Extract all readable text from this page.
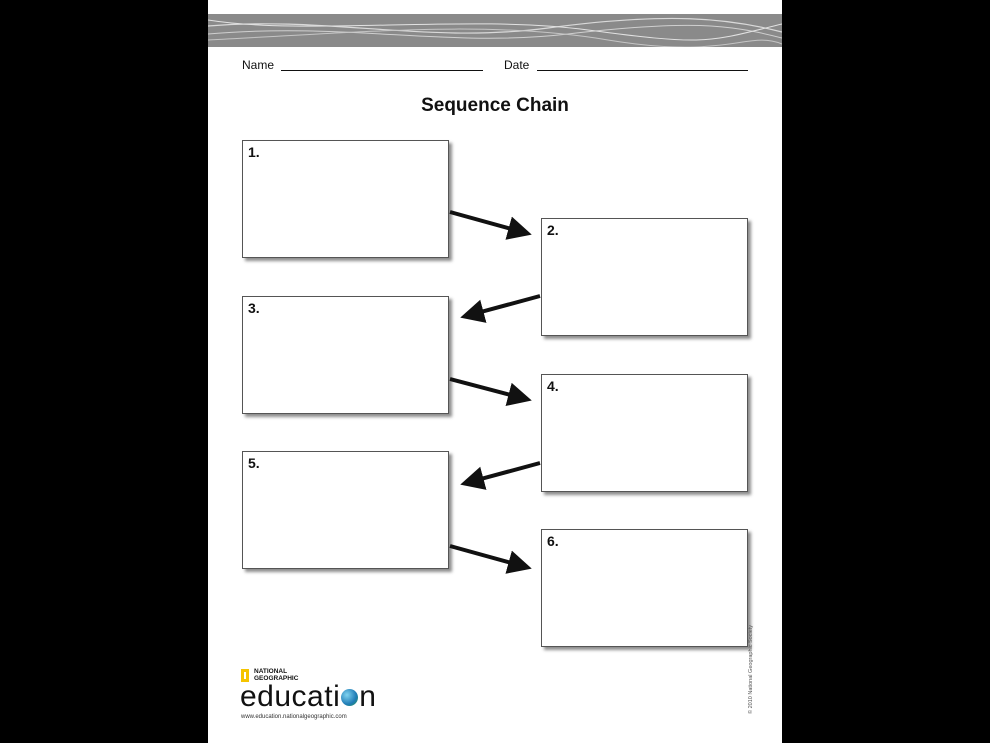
Name	Date
Sequence Chain
1.
2.
3.
4.
5.
6.
NATIONAL GEOGRAPHIC
educati n
www.education.nationalgeographic.com
© 2010 National Geographic Society
